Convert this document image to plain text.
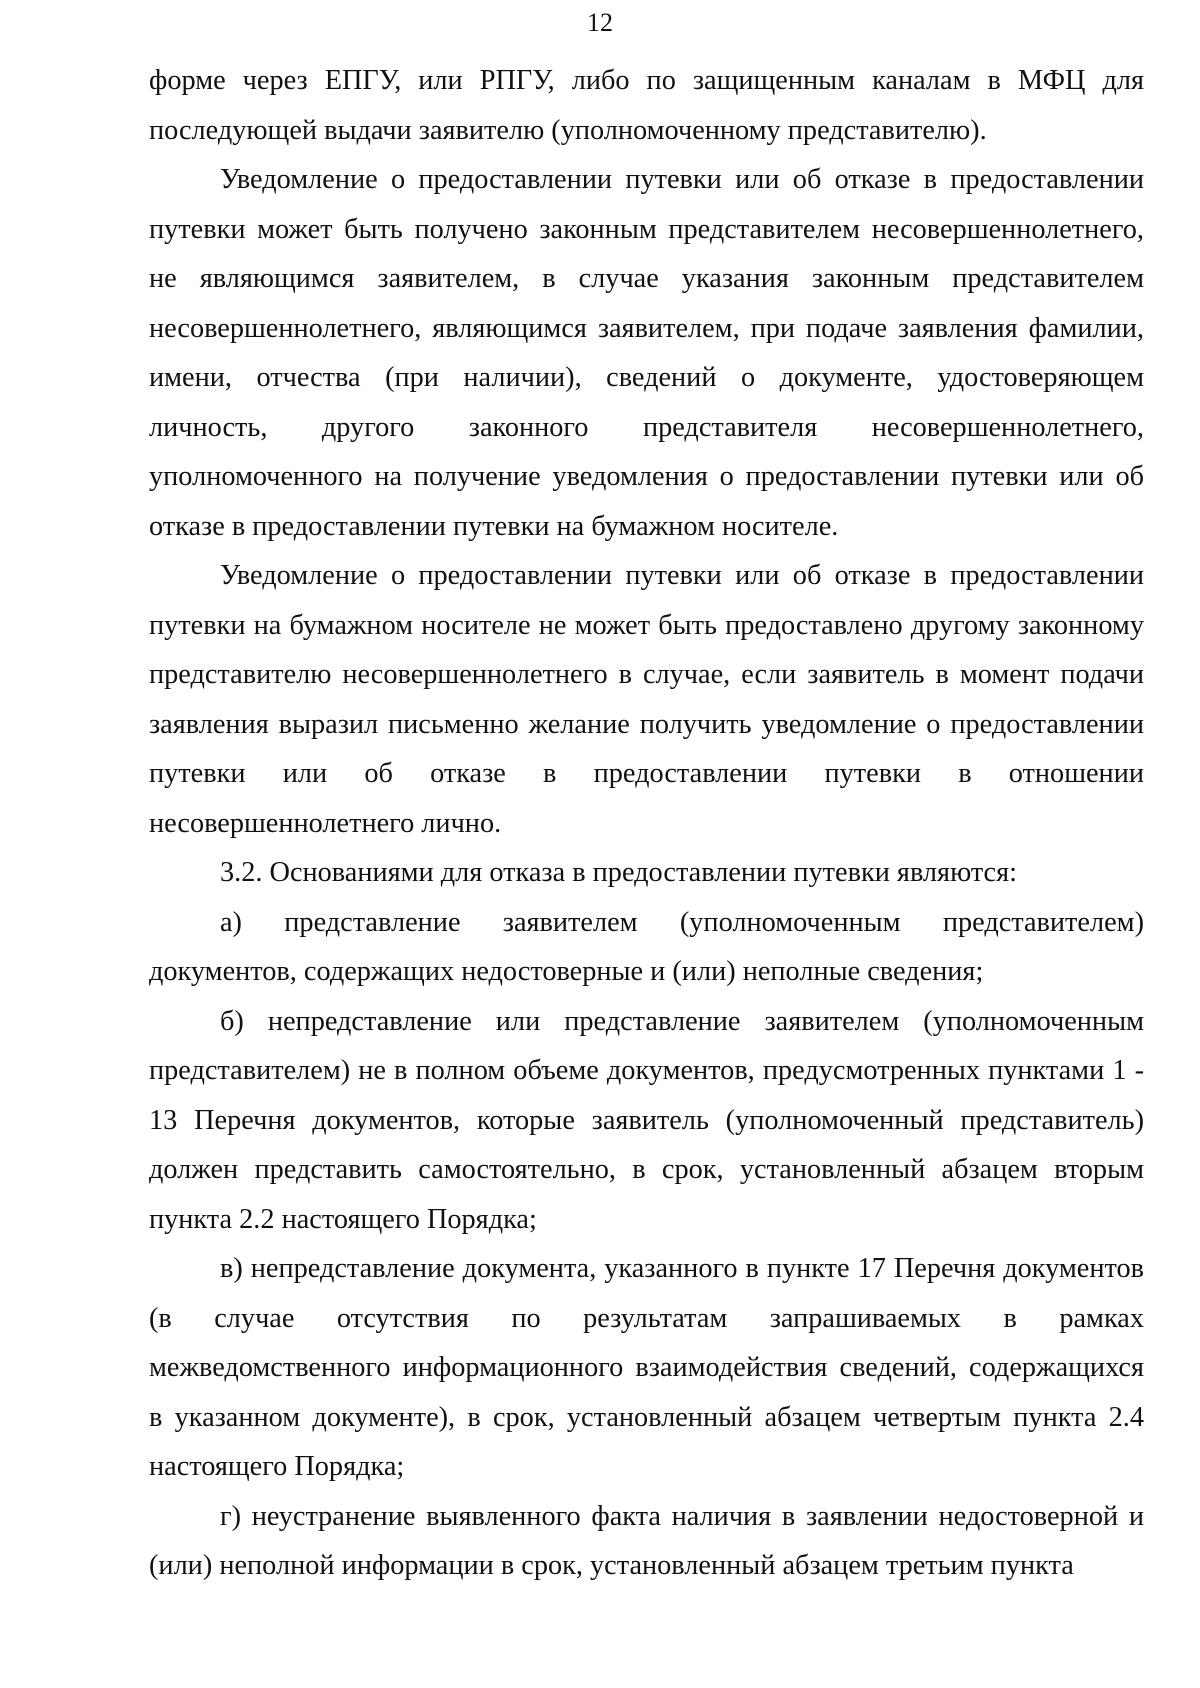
12

форме через ЕПГУ, или РПГУ, либо по защищенным каналам в МФЦ для последующей выдачи заявителю (уполномоченному представителю).

Уведомление о предоставлении путевки или об отказе в предоставлении путевки может быть получено законным представителем несовершеннолетнего, не являющимся заявителем, в случае указания законным представителем несовершеннолетнего, являющимся заявителем, при подаче заявления фамилии, имени, отчества (при наличии), сведений о документе, удостоверяющем личность, другого законного представителя несовершеннолетнего, уполномоченного на получение уведомления о предоставлении путевки или об отказе в предоставлении путевки на бумажном носителе.

Уведомление о предоставлении путевки или об отказе в предоставлении путевки на бумажном носителе не может быть предоставлено другому законному представителю несовершеннолетнего в случае, если заявитель в момент подачи заявления выразил письменно желание получить уведомление о предоставлении путевки или об отказе в предоставлении путевки в отношении несовершеннолетнего лично.

3.2. Основаниями для отказа в предоставлении путевки являются:

а) представление заявителем (уполномоченным представителем) документов, содержащих недостоверные и (или) неполные сведения;

б) непредставление или представление заявителем (уполномоченным представителем) не в полном объеме документов, предусмотренных пунктами 1 - 13 Перечня документов, которые заявитель (уполномоченный представитель) должен представить самостоятельно, в срок, установленный абзацем вторым пункта 2.2 настоящего Порядка;

в) непредставление документа, указанного в пункте 17 Перечня документов (в случае отсутствия по результатам запрашиваемых в рамках межведомственного информационного взаимодействия сведений, содержащихся в указанном документе), в срок, установленный абзацем четвертым пункта 2.4 настоящего Порядка;

г) неустранение выявленного факта наличия в заявлении недостоверной и (или) неполной информации в срок, установленный абзацем третьим пункта
